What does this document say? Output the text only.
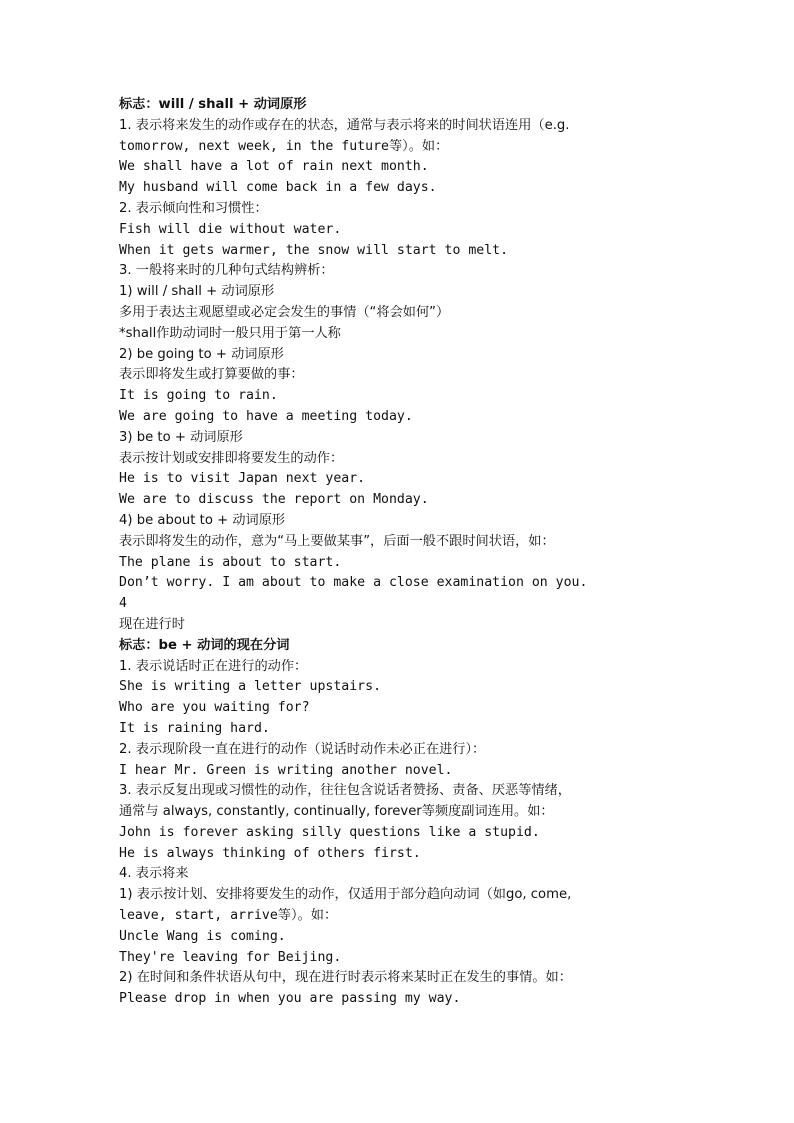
标志：will / shall + 动词原形
1. 表示将来发生的动作或存在的状态，通常与表示将来的时间状语连用（e.g.
tomorrow, next week, in the future等）。如：
We shall have a lot of rain next month.
My husband will come back in a few days.
2. 表示倾向性和习惯性：
Fish will die without water.
When it gets warmer, the snow will start to melt.
3. 一般将来时的几种句式结构辨析：
1) will / shall + 动词原形
多用于表达主观愿望或必定会发生的事情（“将会如何”）
*shall作助动词时一般只用于第一人称
2) be going to + 动词原形
表示即将发生或打算要做的事：
It is going to rain.
We are going to have a meeting today.
3) be to + 动词原形
表示按计划或安排即将要发生的动作：
He is to visit Japan next year.
We are to discuss the report on Monday.
4) be about to + 动词原形
表示即将发生的动作，意为“马上要做某事”，后面一般不跟时间状语，如：
The plane is about to start.
Don’t worry. I am about to make a close examination on you.
4
现在进行时
标志：be + 动词的现在分词
1. 表示说话时正在进行的动作：
She is writing a letter upstairs.
Who are you waiting for?
It is raining hard.
2. 表示现阶段一直在进行的动作（说话时动作未必正在进行）：
I hear Mr. Green is writing another novel.
3. 表示反复出现或习惯性的动作，往往包含说话者赞扬、责备、厌恶等情绪，
通常与 always, constantly, continually, forever等频度副词连用。如：
John is forever asking silly questions like a stupid.
He is always thinking of others first.
4. 表示将来
1) 表示按计划、安排将要发生的动作，仅适用于部分趋向动词（如go, come,
leave, start, arrive等）。如：
Uncle Wang is coming.
They're leaving for Beijing.
2) 在时间和条件状语从句中，现在进行时表示将来某时正在发生的事情。如：
Please drop in when you are passing my way.
